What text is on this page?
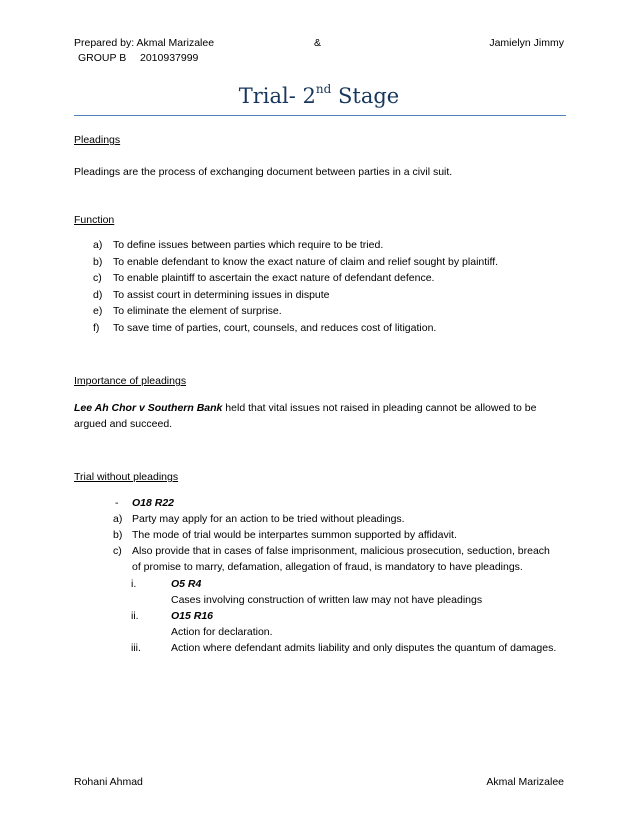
Prepared by: Akmal Marizalee	&	Jamielyn Jimmy
GROUP B 2010937999
Trial- 2nd Stage
Pleadings
Pleadings are the process of exchanging document between parties in a civil suit.
Function
a) To define issues between parties which require to be tried.
b) To enable defendant to know the exact nature of claim and relief sought by plaintiff.
c) To enable plaintiff to ascertain the exact nature of defendant defence.
d) To assist court in determining issues in dispute
e) To eliminate the element of surprise.
f) To save time of parties, court, counsels, and reduces cost of litigation.
Importance of pleadings
Lee Ah Chor v Southern Bank held that vital issues not raised in pleading cannot be allowed to be
argued and succeed.
Trial without pleadings
- O18 R22
a) Party may apply for an action to be tried without pleadings.
b) The mode of trial would be interpartes summon supported by affidavit.
c) Also provide that in cases of false imprisonment, malicious prosecution, seduction, breach
of promise to marry, defamation, allegation of fraud, is mandatory to have pleadings.
i.	O5 R4
Cases involving construction of written law may not have pleadings
ii.	O15 R16
Action for declaration.
iii.	Action where defendant admits liability and only disputes the quantum of damages.
Rohani Ahmad	Akmal Marizalee
